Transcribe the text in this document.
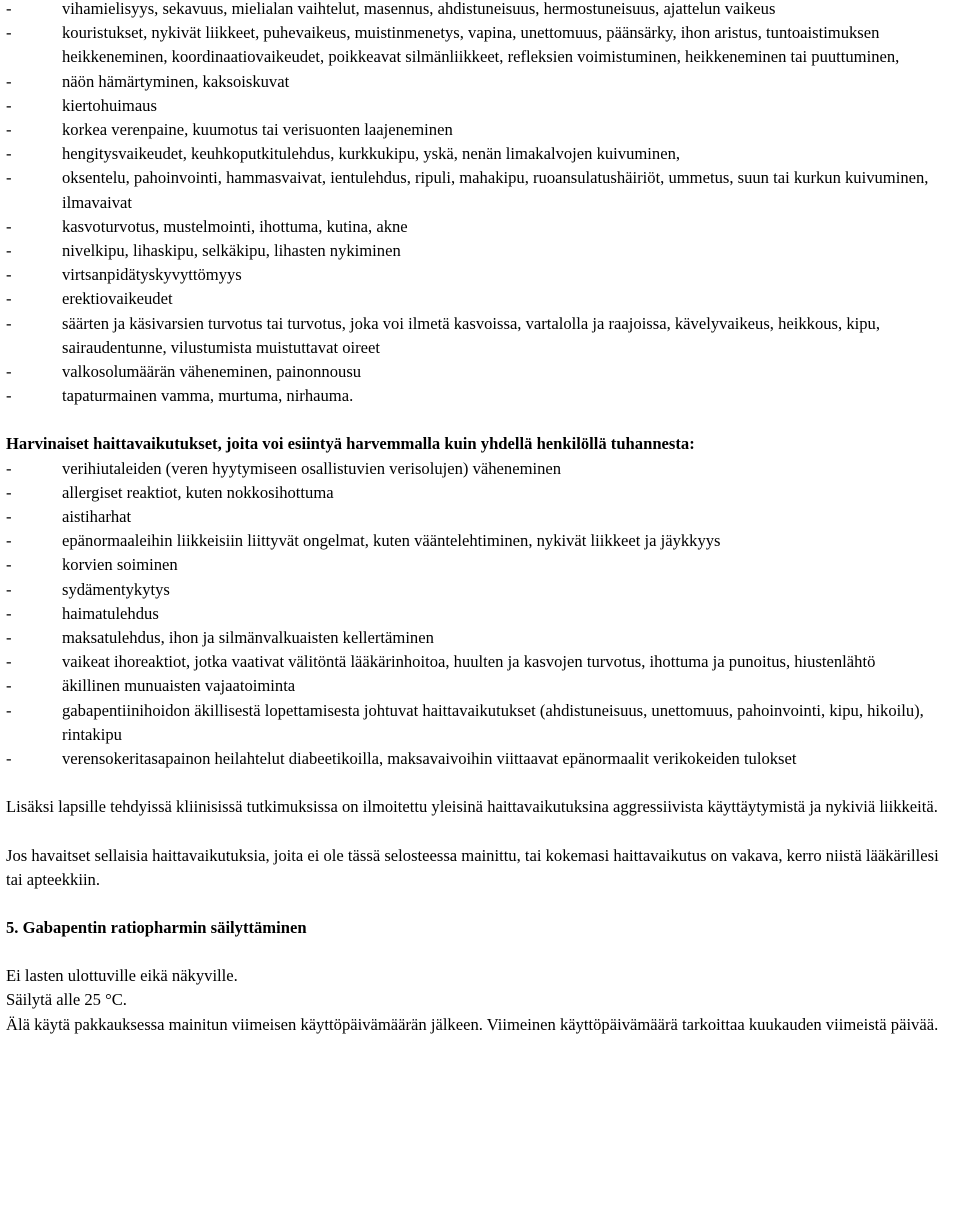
-	vihamielisyys, sekavuus, mielialan vaihtelut, masennus, ahdistuneisuus, hermostuneisuus, ajattelun vaikeus
-	kouristukset, nykivät liikkeet, puhevaikeus, muistinmenetys, vapina, unettomuus, päänsärky, ihon aristus, tuntoaistimuksen heikkeneminen, koordinaatiovaikeudet, poikkeavat silmänliikkeet, refleksien voimistuminen, heikkeneminen tai puuttuminen,
-	näön hämärtyminen, kaksoiskuvat
-	kiertohuimaus
-	korkea verenpaine, kuumotus tai verisuonten laajeneminen
-	hengitysvaikeudet, keuhkoputkitulehdus, kurkkukipu, yskä, nenän limakalvojen kuivuminen,
-	oksentelu, pahoinvointi, hammasvaivat, ientulehdus, ripuli, mahakipu, ruoansulatushäiriöt, ummetus, suun tai kurkun kuivuminen, ilmavaivat
-	kasvoturvotus, mustelmointi, ihottuma, kutina, akne
-	nivelkipu, lihaskipu, selkäkipu, lihasten nykiminen
-	virtsanpidätyskyvyttömyys
-	erektiovaikeudet
-	säärten ja käsivarsien turvotus tai turvotus, joka voi ilmetä kasvoissa, vartalolla ja raajoissa, kävelyvaikeus, heikkous, kipu, sairaudentunne, vilustumista muistuttavat oireet
-	valkosolumäärän väheneminen, painonnousu
-	tapaturmainen vamma, murtuma, nirhauma.

Harvinaiset haittavaikutukset, joita voi esiintyä harvemmalla kuin yhdellä henkilöllä tuhannesta:

-	verihiutaleiden (veren hyytymiseen osallistuvien verisolujen) väheneminen
-	allergiset reaktiot, kuten nokkosihottuma
-	aistiharhat
-	epänormaaleihin liikkeisiin liittyvät ongelmat, kuten vääntelehtiminen, nykivät liikkeet ja jäykkyys
-	korvien soiminen
-	sydämentykytys
-	haimatulehdus
-	maksatulehdus, ihon ja silmänvalkuaisten kellertäminen
-	vaikeat ihoreaktiot, jotka vaativat välitöntä lääkärinhoitoa, huulten ja kasvojen turvotus, ihottuma ja punoitus, hiustenlähtö
-	äkillinen munuaisten vajaatoiminta
-	gabapentiinihoidon äkillisestä lopettamisesta johtuvat haittavaikutukset (ahdistuneisuus, unettomuus, pahoinvointi, kipu, hikoilu), rintakipu
-	verensokeritasapainon heilahtelut diabeetikoilla, maksavaivoihin viittaavat epänormaalit verikokeiden tulokset

Lisäksi lapsille tehdyissä kliinisissä tutkimuksissa on ilmoitettu yleisinä haittavaikutuksina aggressiivista käyttäytymistä ja nykiviä liikkeitä.

Jos havaitset sellaisia haittavaikutuksia, joita ei ole tässä selosteessa mainittu, tai kokemasi haittavaikutus on vakava, kerro niistä lääkärillesi tai apteekkiin.

5. Gabapentin ratiopharmin säilyttäminen

Ei lasten ulottuville eikä näkyville.

Säilytä alle 25 °C.

Älä käytä pakkauksessa mainitun viimeisen käyttöpäivämäärän jälkeen. Viimeinen käyttöpäivämäärä tarkoittaa kuukauden viimeistä päivää.
